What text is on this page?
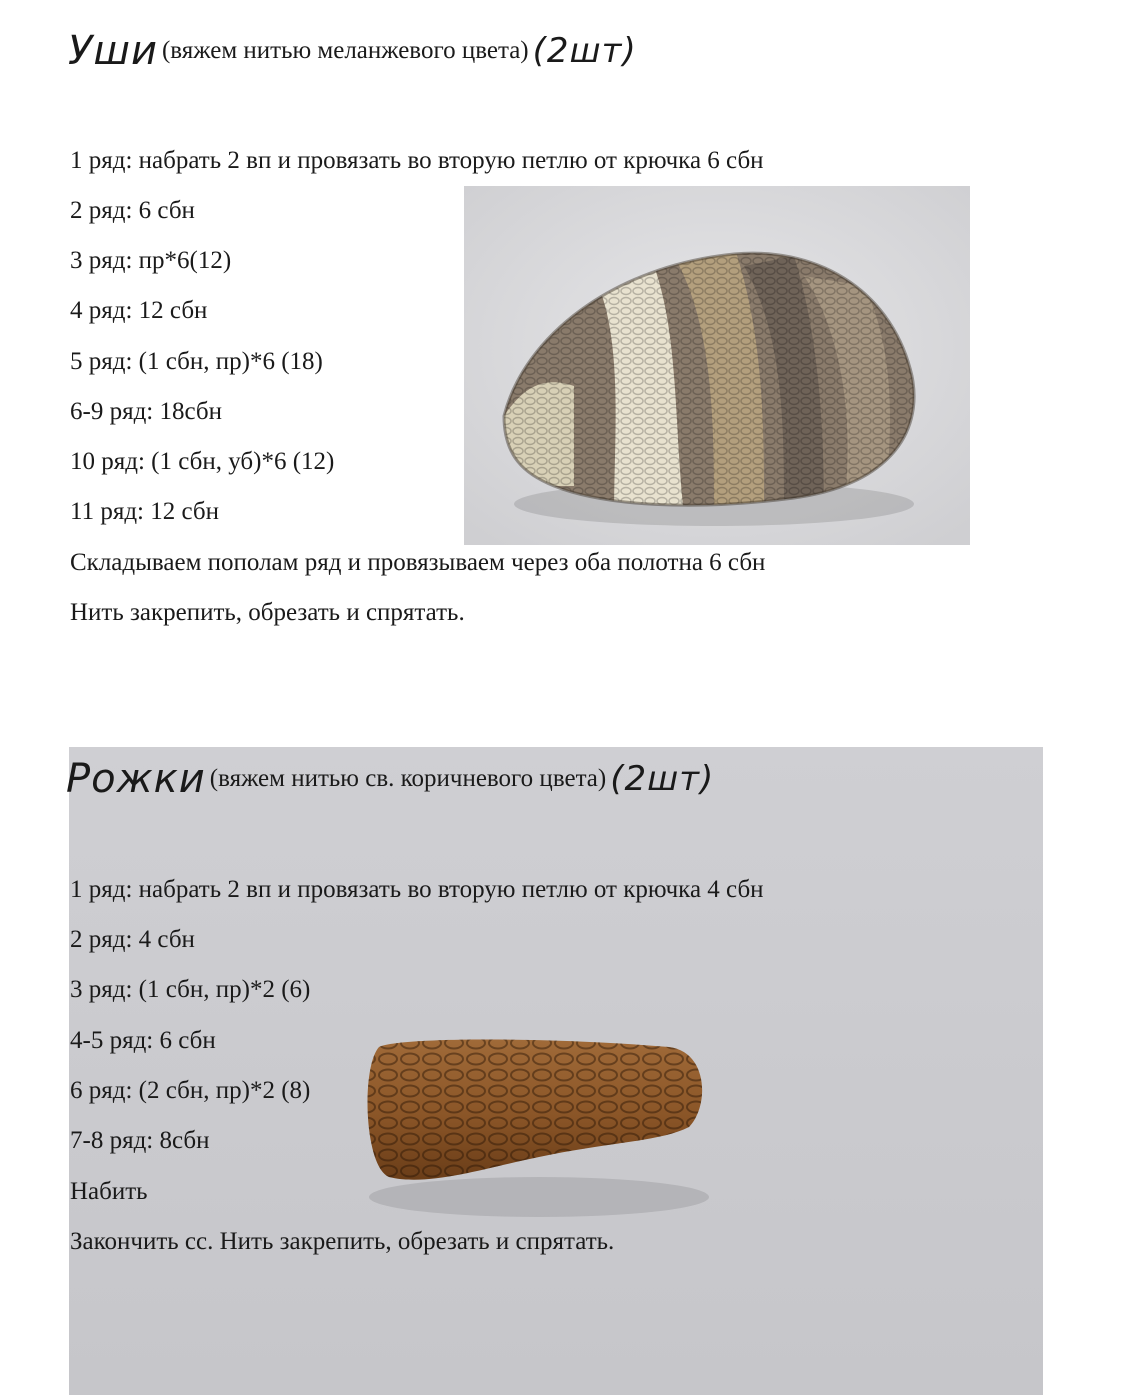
Уши (вяжем нитью меланжевого цвета) (2шт)
1 ряд: набрать 2 вп и провязать во вторую петлю от крючка 6 сбн
2 ряд: 6 сбн
3 ряд: пр*6(12)
4 ряд: 12 сбн
5 ряд: (1 сбн, пр)*6 (18)
6-9 ряд: 18сбн
10 ряд: (1 сбн, уб)*6 (12)
11 ряд: 12 сбн
Складываем пополам ряд и провязываем через оба полотна 6 сбн
Нить закрепить, обрезать и спрятать.
Рожки (вяжем нитью св. коричневого цвета) (2шт)
1 ряд: набрать 2 вп и провязать во вторую петлю от крючка 4 сбн
2 ряд: 4 сбн
3 ряд: (1 сбн, пр)*2 (6)
4-5 ряд: 6 сбн
6 ряд: (2 сбн, пр)*2 (8)
7-8 ряд: 8сбн
Набить
Закончить сс. Нить закрепить, обрезать и спрятать.
